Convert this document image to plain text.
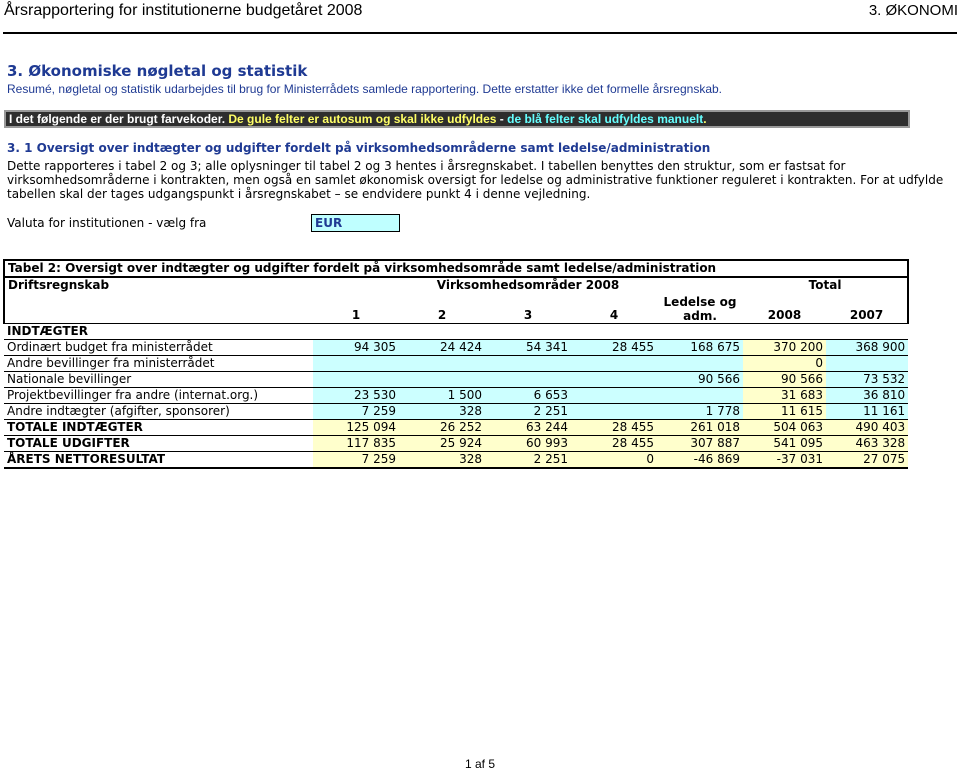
Årsrapportering for institutionerne budgetåret 2008	3. ØKONOMI
3. Økonomiske nøgletal og statistik
Resumé, nøgletal og statistik udarbejdes til brug for Ministerrådets samlede rapportering. Dette erstatter ikke det formelle årsregnskab.
I det følgende er der brugt farvekoder. De gule felter er autosum og skal ikke udfyldes - de blå felter skal udfyldes manuelt.
3. 1 Oversigt over indtægter og udgifter fordelt på virksomhedsområderne samt ledelse/administration

Dette rapporteres i tabel 2 og 3; alle oplysninger til tabel 2 og 3 hentes i årsregnskabet. I tabellen benyttes den struktur, som er fastsat for

virksomhedsområderne i kontrakten, men også en samlet økonomisk oversigt for ledelse og administrative funktioner reguleret i kontrakten. For at udfylde

tabellen skal der tages udgangspunkt i årsregnskabet – se endvidere punkt 4 i denne vejledning.

Valuta for institutionen - vælg fra	EUR
Tabel 2: Oversigt over indtægter og udgifter fordelt på virksomhedsområde samt ledelse/administration							
Driftsregnskab	Virksomhedsområder 2008					Total	
	1	2	3	4	Ledelse og adm.	2008	2007
INDTÆGTER							
Ordinært budget fra ministerrådet	94 305	24 424	54 341	28 455	168 675	370 200	368 900
Andre bevillinger fra ministerrådet						0	
Nationale bevillinger					90 566	90 566	73 532
Projektbevillinger fra andre (internat.org.)	23 530	1 500	6 653			31 683	36 810
Andre indtægter (afgifter, sponsorer)	7 259	328	2 251		1 778	11 615	11 161
TOTALE INDTÆGTER	125 094	26 252	63 244	28 455	261 018	504 063	490 403
TOTALE UDGIFTER	117 835	25 924	60 993	28 455	307 887	541 095	463 328
ÅRETS NETTORESULTAT	7 259	328	2 251	0	-46 869	-37 031	27 075
1 af 5
